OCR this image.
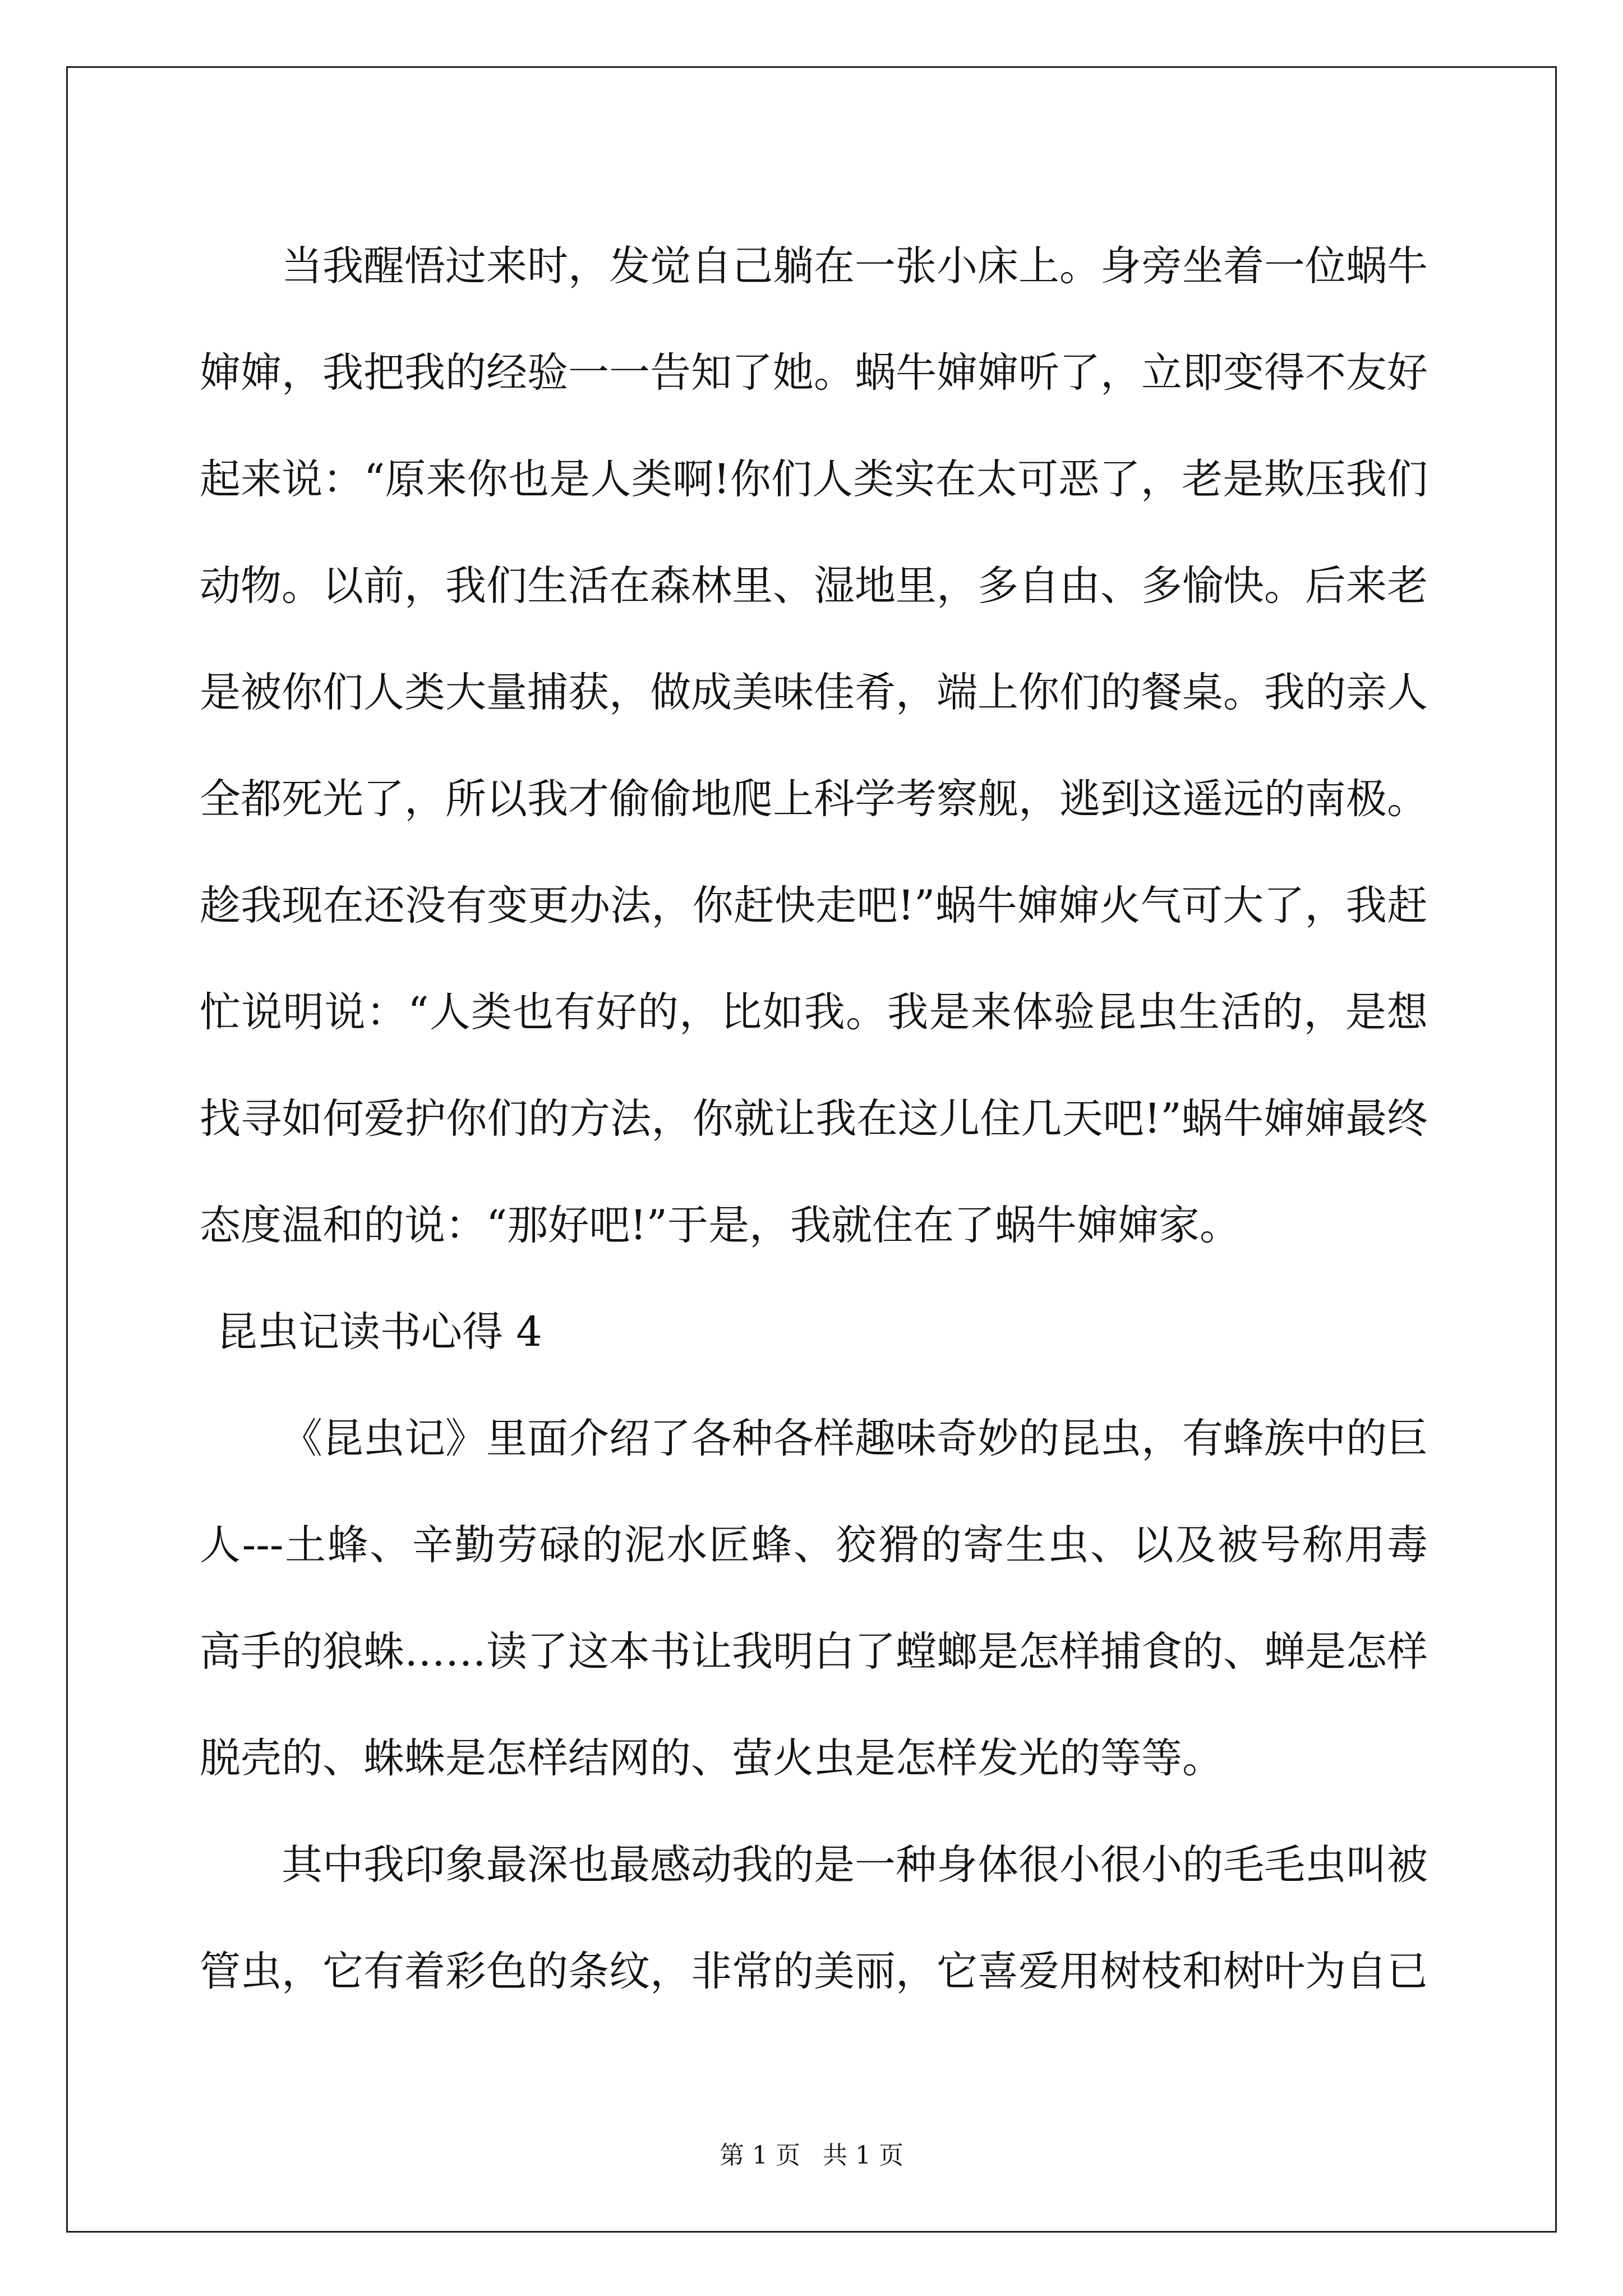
当我醒悟过来时，发觉自己躺在一张小床上。身旁坐着一位蜗牛婶婶，我把我的经验一一告知了她。蜗牛婶婶听了，立即变得不友好起来说：“原来你也是人类啊!你们人类实在太可恶了，老是欺压我们动物。以前，我们生活在森林里、湿地里，多自由、多愉快。后来老是被你们人类大量捕获，做成美味佳肴，端上你们的餐桌。我的亲人全都死光了，所以我才偷偷地爬上科学考察舰，逃到这遥远的南极。趁我现在还没有变更办法，你赶快走吧!”蜗牛婶婶火气可大了，我赶忙说明说：“人类也有好的，比如我。我是来体验昆虫生活的，是想找寻如何爱护你们的方法，你就让我在这儿住几天吧!”蜗牛婶婶最终态度温和的说：“那好吧!”于是，我就住在了蜗牛婶婶家。

昆虫记读书心得 4

《昆虫记》里面介绍了各种各样趣味奇妙的昆虫，有蜂族中的巨人---土蜂、辛勤劳碌的泥水匠蜂、狡猾的寄生虫、以及被号称用毒高手的狼蛛……读了这本书让我明白了螳螂是怎样捕食的、蝉是怎样脱壳的、蛛蛛是怎样结网的、萤火虫是怎样发光的等等。

其中我印象最深也最感动我的是一种身体很小很小的毛毛虫叫被管虫，它有着彩色的条纹，非常的美丽，它喜爱用树枝和树叶为自已

第 1 页 共 1 页
